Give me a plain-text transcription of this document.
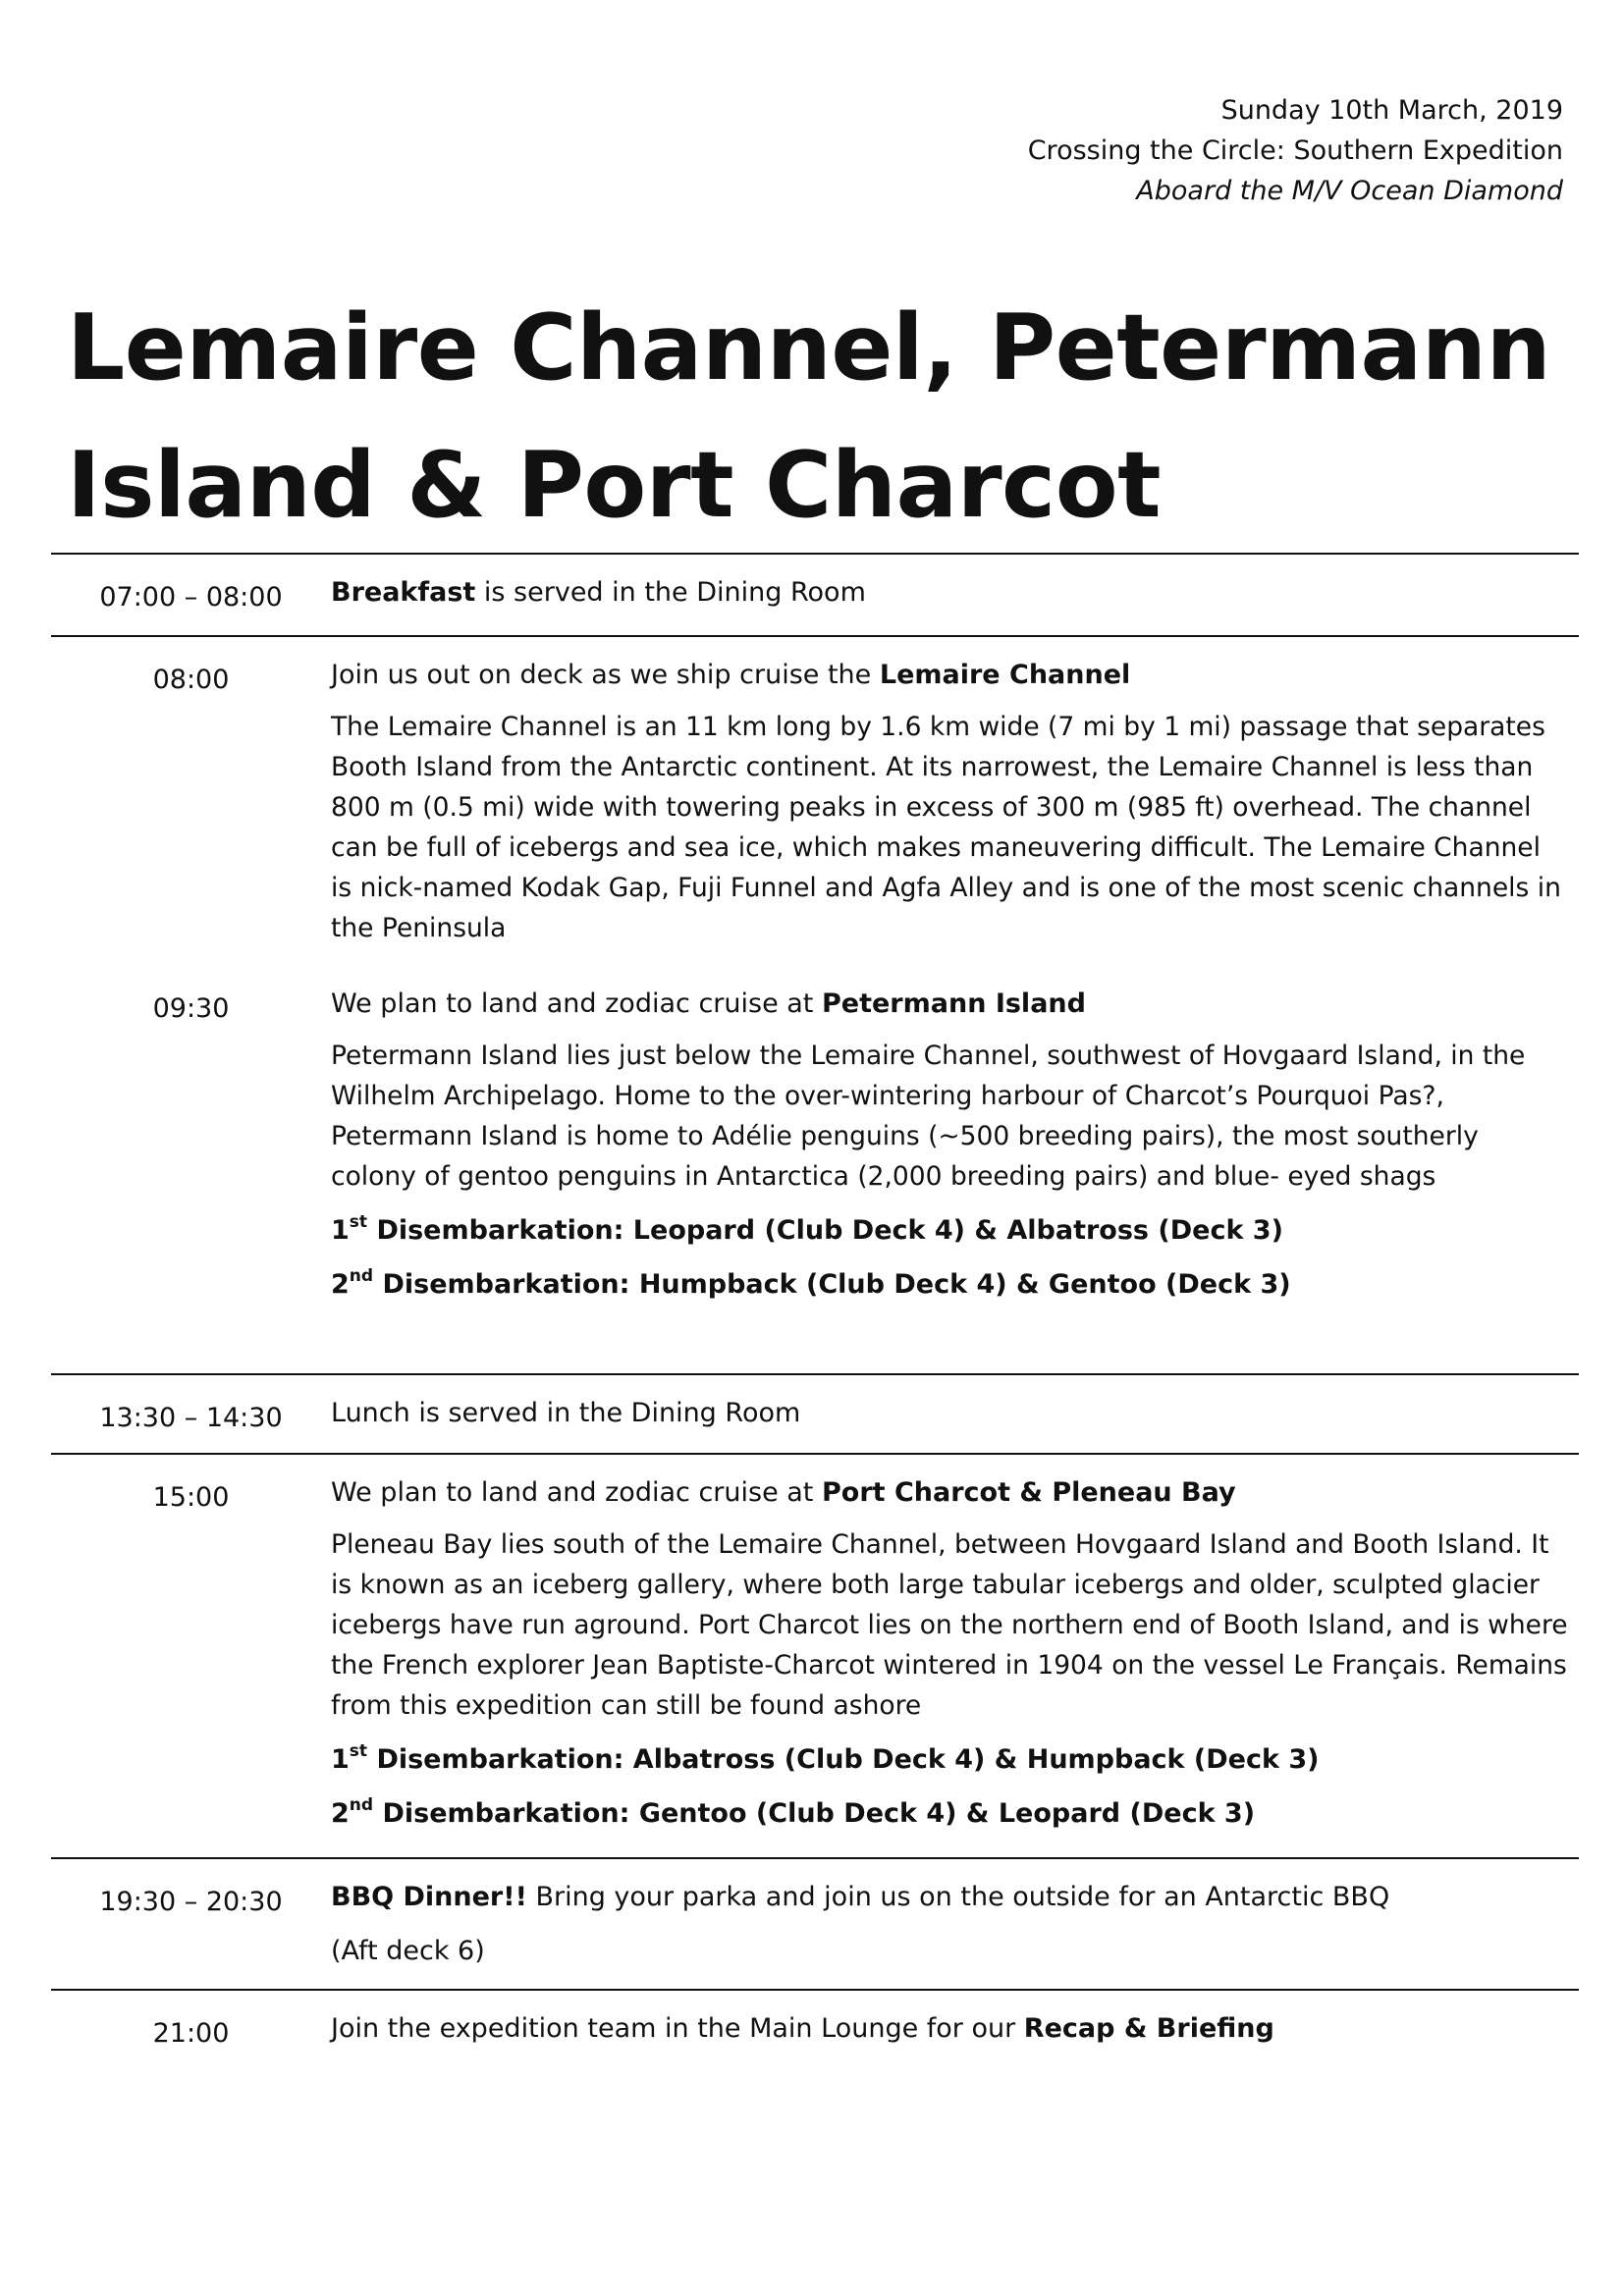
Sunday 10th March, 2019
Crossing the Circle: Southern Expedition
Aboard the M/V Ocean Diamond
Lemaire Channel, Petermann
Island & Port Charcot
07:00 – 08:00	Breakfast is served in the Dining Room

08:00	Join us out on deck as we ship cruise the Lemaire Channel

The Lemaire Channel is an 11 km long by 1.6 km wide (7 mi by 1 mi) passage that separates Booth Island from the Antarctic continent. At its narrowest, the Lemaire Channel is less than 800 m (0.5 mi) wide with towering peaks in excess of 300 m (985 ft) overhead. The channel can be full of icebergs and sea ice, which makes maneuvering difficult. The Lemaire Channel is nick-named Kodak Gap, Fuji Funnel and Agfa Alley and is one of the most scenic channels in the Peninsula

09:30	We plan to land and zodiac cruise at Petermann Island

Petermann Island lies just below the Lemaire Channel, southwest of Hovgaard Island, in the Wilhelm Archipelago. Home to the over-wintering harbour of Charcot’s Pourquoi Pas?, Petermann Island is home to Adélie penguins (~500 breeding pairs), the most southerly colony of gentoo penguins in Antarctica (2,000 breeding pairs) and blue- eyed shags

1st Disembarkation: Leopard (Club Deck 4) & Albatross (Deck 3)

2nd Disembarkation: Humpback (Club Deck 4) & Gentoo (Deck 3)

13:30 – 14:30	Lunch is served in the Dining Room

15:00	We plan to land and zodiac cruise at Port Charcot & Pleneau Bay

Pleneau Bay lies south of the Lemaire Channel, between Hovgaard Island and Booth Island. It is known as an iceberg gallery, where both large tabular icebergs and older, sculpted glacier icebergs have run aground. Port Charcot lies on the northern end of Booth Island, and is where the French explorer Jean Baptiste-Charcot wintered in 1904 on the vessel Le Français. Remains from this expedition can still be found ashore

1st Disembarkation: Albatross (Club Deck 4) & Humpback (Deck 3)

2nd Disembarkation: Gentoo (Club Deck 4) & Leopard (Deck 3)

19:30 – 20:30	BBQ Dinner!! Bring your parka and join us on the outside for an Antarctic BBQ

(Aft deck 6)

21:00	Join the expedition team in the Main Lounge for our Recap & Briefing
